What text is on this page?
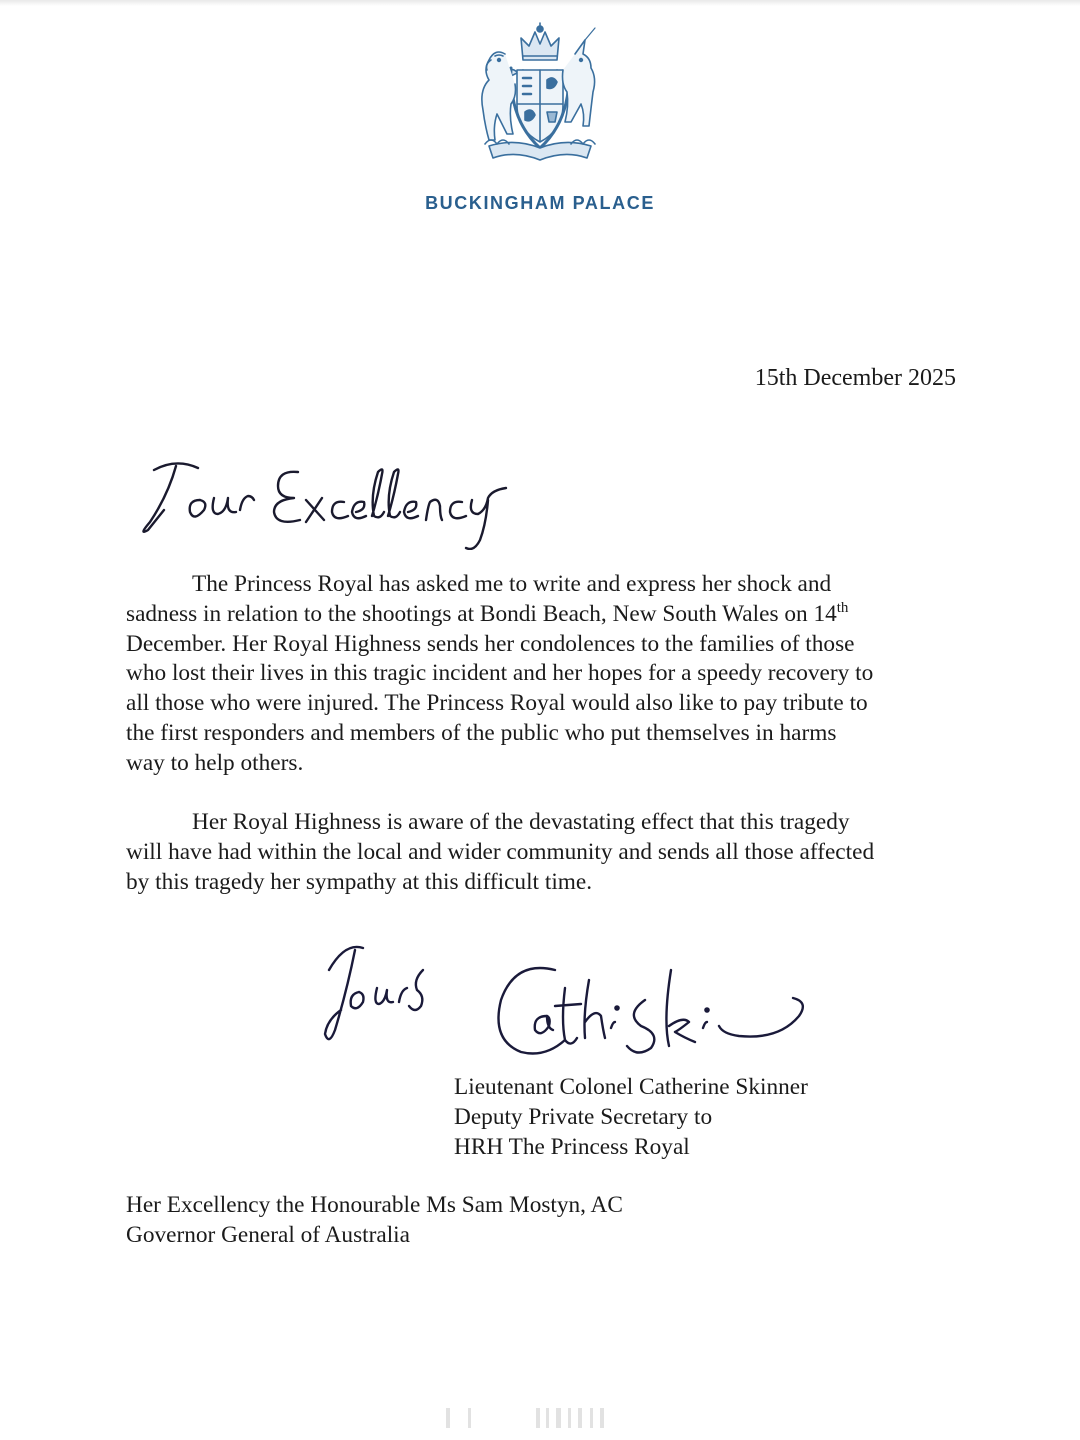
BUCKINGHAM PALACE
15th December 2025
The Princess Royal has asked me to write and express her shock and
sadness in relation to the shootings at Bondi Beach, New South Wales on 14th
December. Her Royal Highness sends her condolences to the families of those
who lost their lives in this tragic incident and her hopes for a speedy recovery to
all those who were injured. The Princess Royal would also like to pay tribute to
the first responders and members of the public who put themselves in harms
way to help others.
Her Royal Highness is aware of the devastating effect that this tragedy
will have had within the local and wider community and sends all those affected
by this tragedy her sympathy at this difficult time.
Lieutenant Colonel Catherine Skinner
Deputy Private Secretary to
HRH The Princess Royal
Her Excellency the Honourable Ms Sam Mostyn, AC
Governor General of Australia
